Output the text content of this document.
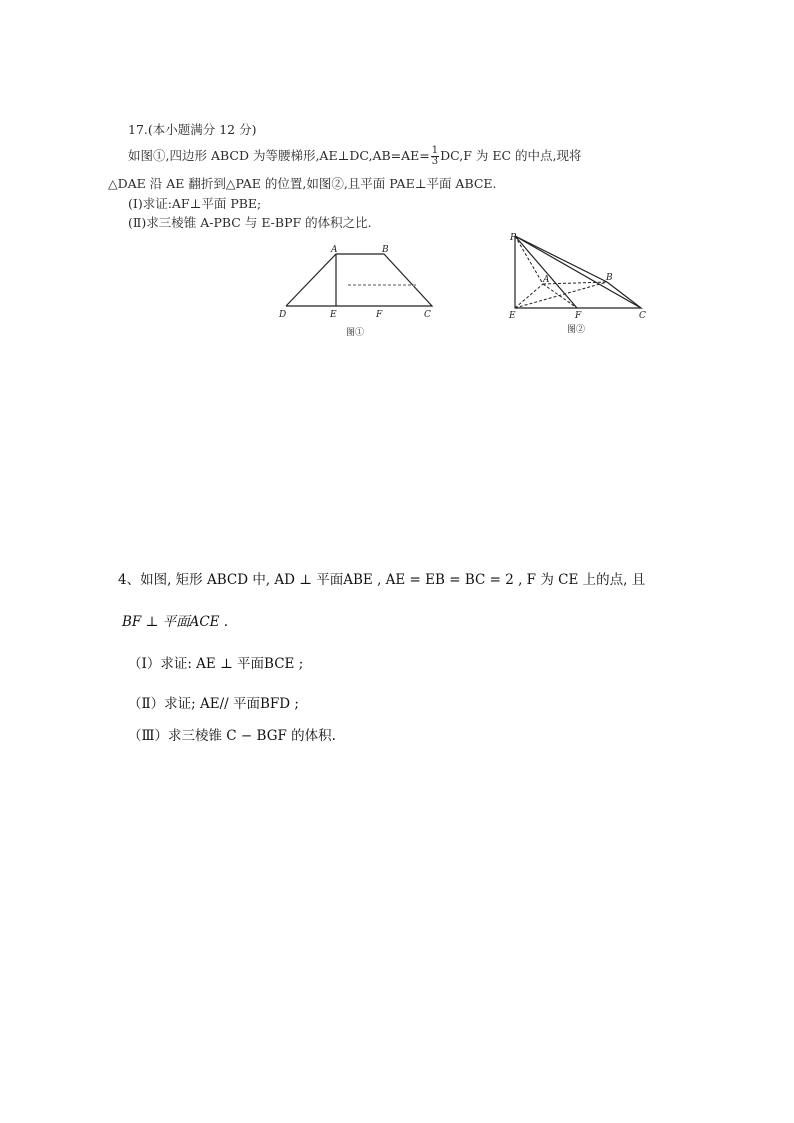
17.(本小题满分 12 分)
如图①,四边形 ABCD 为等腰梯形,AE⊥DC,AB=AE= $\frac{1}{3} DC,F$ 为 EC 的中点,现将
△DAE 沿 AE 翻折到△PAE 的位置,如图②,且平面 PAE⊥平面 ABCE.
(Ⅰ)求证:AF⊥平面 PBE;
(Ⅱ)求三棱锥 A-PBC 与 E-BPF 的体积之比.
A	B
D	E	F	C
图①
P
A	B
E	F	C
图②
4、如图, 矩形 ABCD 中, AD ⊥ 平面ABE , AE = EB = BC = 2 , F 为 CE 上的点, 且
BF ⊥ 平面ACE .
（Ⅰ）求证: AE ⊥ 平面BCE ;
（Ⅱ）求证; AE// 平面BFD ;
（Ⅲ）求三棱锥 C − BGF 的体积.
